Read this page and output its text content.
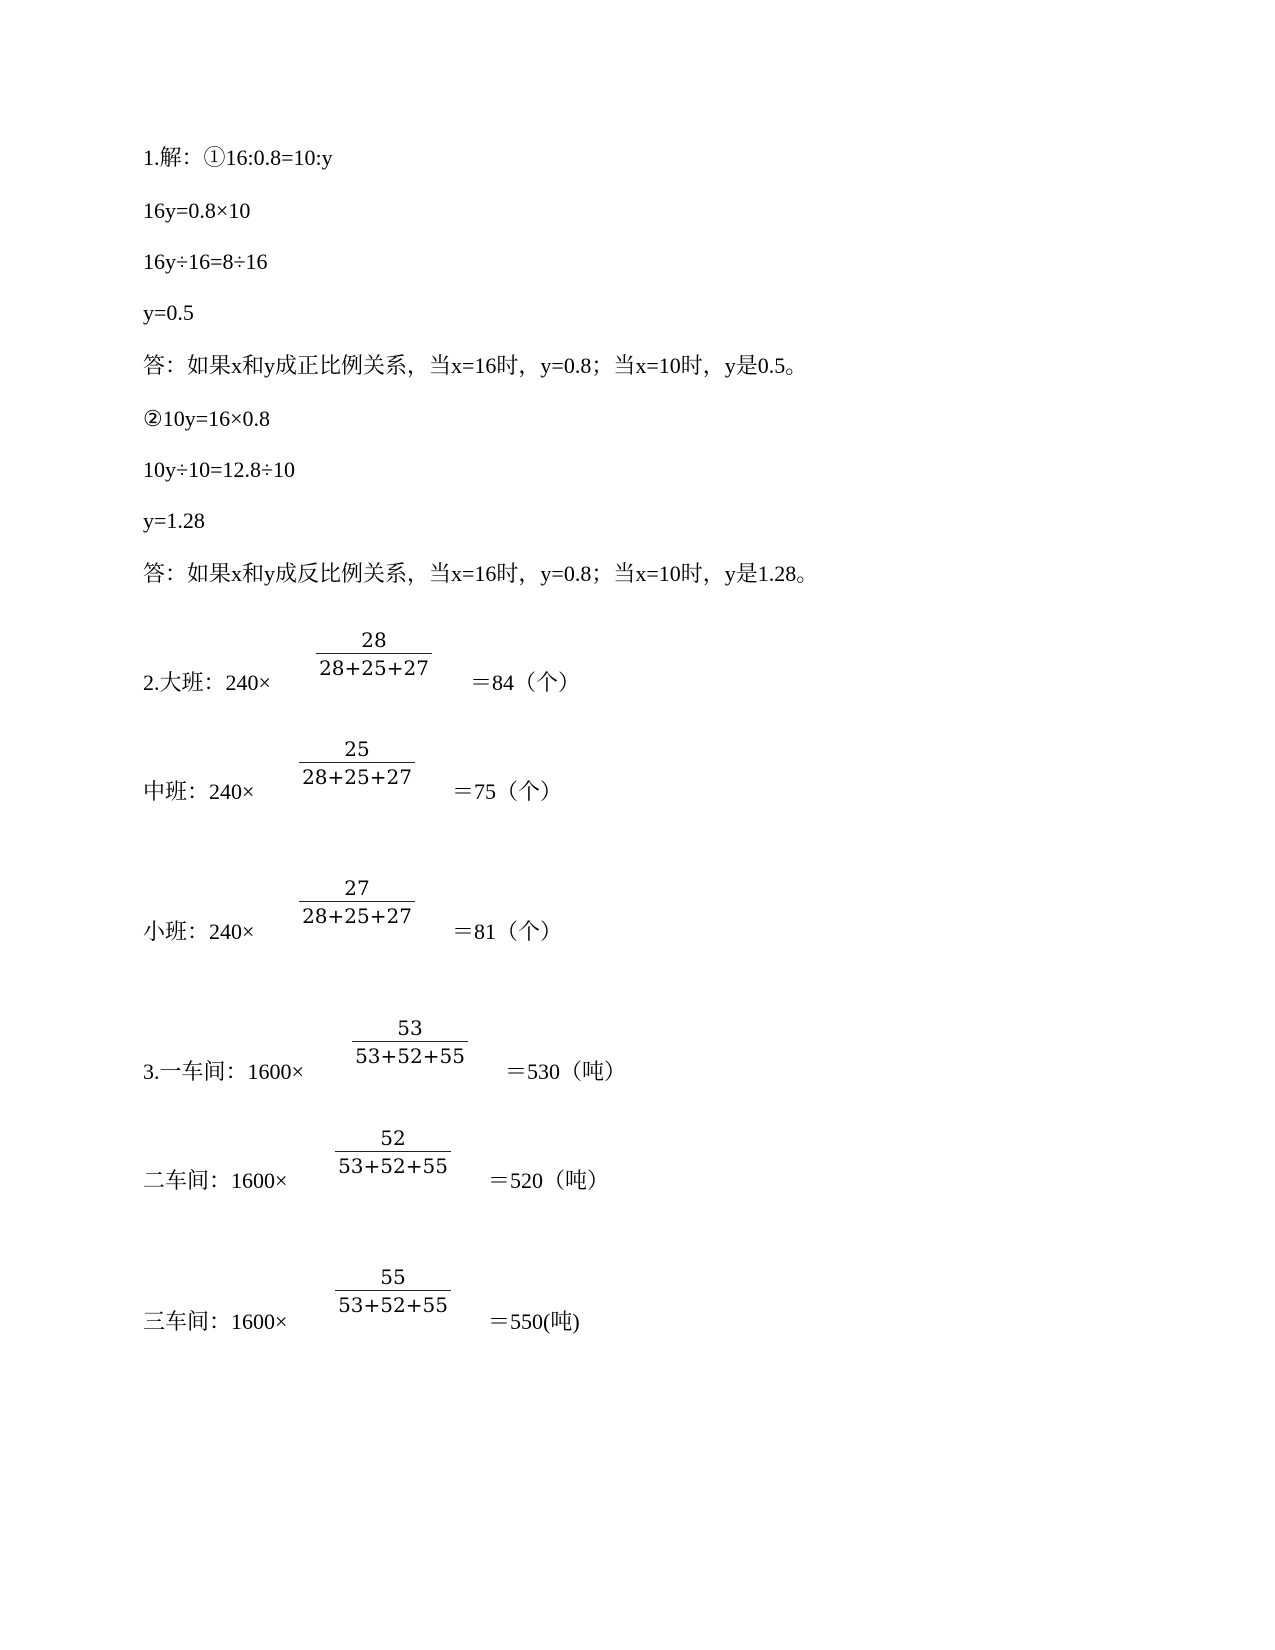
1.解：①16:0.8=10:y
16y=0.8×10
16y÷16=8÷16
y=0.5
答：如果x和y成正比例关系，当x=16时，y=0.8；当x=10时，y是0.5。
②10y=16×0.8
10y÷10=12.8÷10
y=1.28
答：如果x和y成反比例关系，当x=16时，y=0.8；当x=10时，y是1.28。
2.大班：240×
28
28+25+27
＝84（个）
中班：240×
25
28+25+27
＝75（个）
小班：240×
27
28+25+27
＝81（个）
3.一车间：1600×
53
53+52+55
＝530（吨）
二车间：1600×
52
53+52+55
＝520（吨）
三车间：1600×
55
53+52+55
＝550(吨)
